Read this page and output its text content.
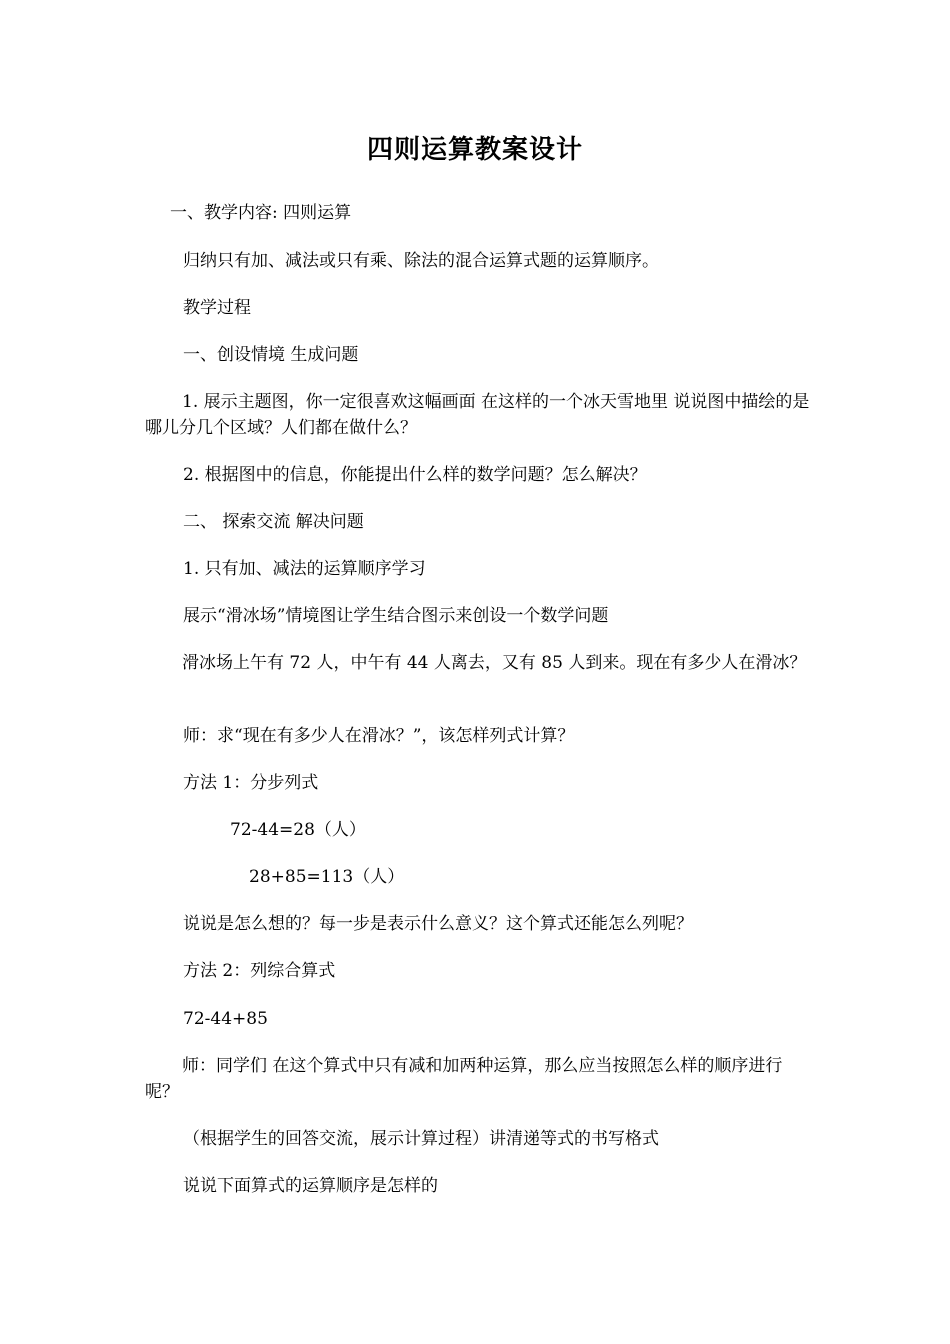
四则运算教案设计
一、教学内容: 四则运算
归纳只有加、减法或只有乘、除法的混合运算式题的运算顺序。
教学过程
一、创设情境 生成问题
1. 展示主题图，你一定很喜欢这幅画面 在这样的一个冰天雪地里 说说图中描绘的是哪儿分几个区域？人们都在做什么？
2. 根据图中的信息，你能提出什么样的数学问题？怎么解决？
二、 探索交流 解决问题
1. 只有加、减法的运算顺序学习
展示“滑冰场”情境图让学生结合图示来创设一个数学问题
滑冰场上午有 72 人，中午有 44 人离去，又有 85 人到来。现在有多少人在滑冰？
师：求“现在有多少人在滑冰？”，该怎样列式计算？
方法 1：分步列式
72-44=28（人）
28+85=113（人）
说说是怎么想的？每一步是表示什么意义？这个算式还能怎么列呢？
方法 2：列综合算式
72-44+85
师：同学们 在这个算式中只有减和加两种运算，那么应当按照怎么样的顺序进行呢？
（根据学生的回答交流，展示计算过程）讲清递等式的书写格式
说说下面算式的运算顺序是怎样的
